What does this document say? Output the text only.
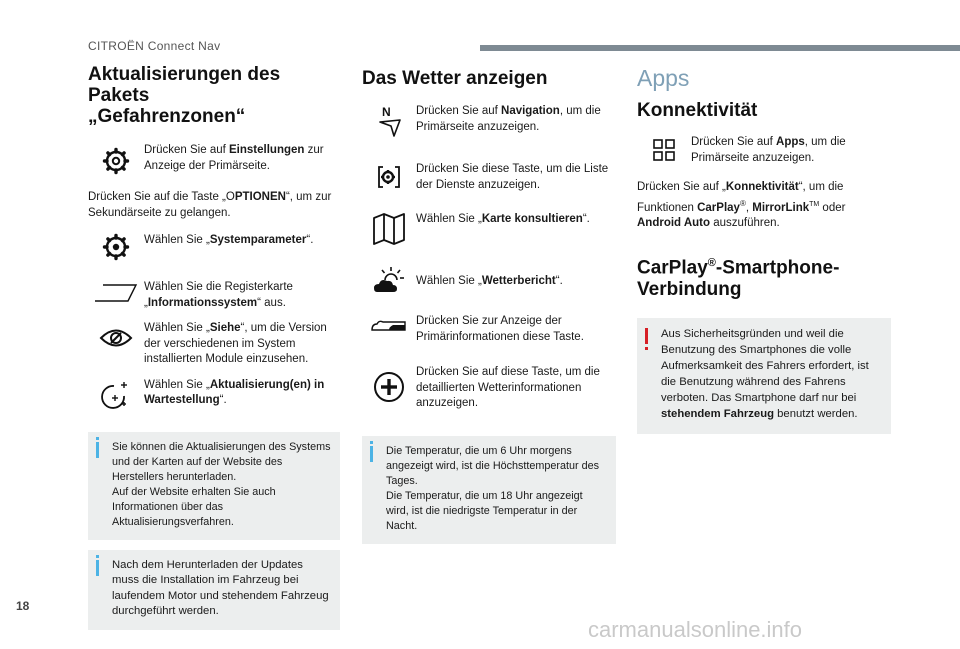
CITROËN Connect Nav
Aktualisierungen des Pakets
„Gefahrenzonen“
Drücken Sie auf Einstellungen zur Anzeige der Primärseite.

Drücken Sie auf die Taste „OPTIONEN“, um zur Sekundärseite zu gelangen.

Wählen Sie „Systemparameter“.
Wählen Sie die Registerkarte „Informationssystem“ aus.
Wählen Sie „Siehe“, um die Version der verschiedenen im System installierten Module einzusehen.
Wählen Sie „Aktualisierung(en) in Wartestellung“.
Sie können die Aktualisierungen des Systems und der Karten auf der Website des Herstellers herunterladen.
Auf der Website erhalten Sie auch Informationen über das Aktualisierungsverfahren.
Nach dem Herunterladen der Updates muss die Installation im Fahrzeug bei laufendem Motor und stehendem Fahrzeug durchgeführt werden.
Das Wetter anzeigen
N Drücken Sie auf Navigation, um die Primärseite anzuzeigen.
Drücken Sie diese Taste, um die Liste der Dienste anzuzeigen.
Wählen Sie „Karte konsultieren“.
Wählen Sie „Wetterbericht“.
Drücken Sie zur Anzeige der Primärinformationen diese Taste.
Drücken Sie auf diese Taste, um die detaillierten Wetterinformationen anzuzeigen.
Die Temperatur, die um 6 Uhr morgens angezeigt wird, ist die Höchsttemperatur des Tages.
Die Temperatur, die um 18 Uhr angezeigt wird, ist die niedrigste Temperatur in der Nacht.
Apps
Konnektivität
Drücken Sie auf Apps, um die Primärseite anzuzeigen.

Drücken Sie auf „Konnektivität“, um die Funktionen CarPlay®, MirrorLink™ oder Android Auto auszuführen.

CarPlay®-Smartphone-
Verbindung
Aus Sicherheitsgründen und weil die Benutzung des Smartphones die volle Aufmerksamkeit des Fahrers erfordert, ist die Benutzung während des Fahrens verboten. Das Smartphone darf nur bei stehendem Fahrzeug benutzt werden.
18
carmanualsonline.info
